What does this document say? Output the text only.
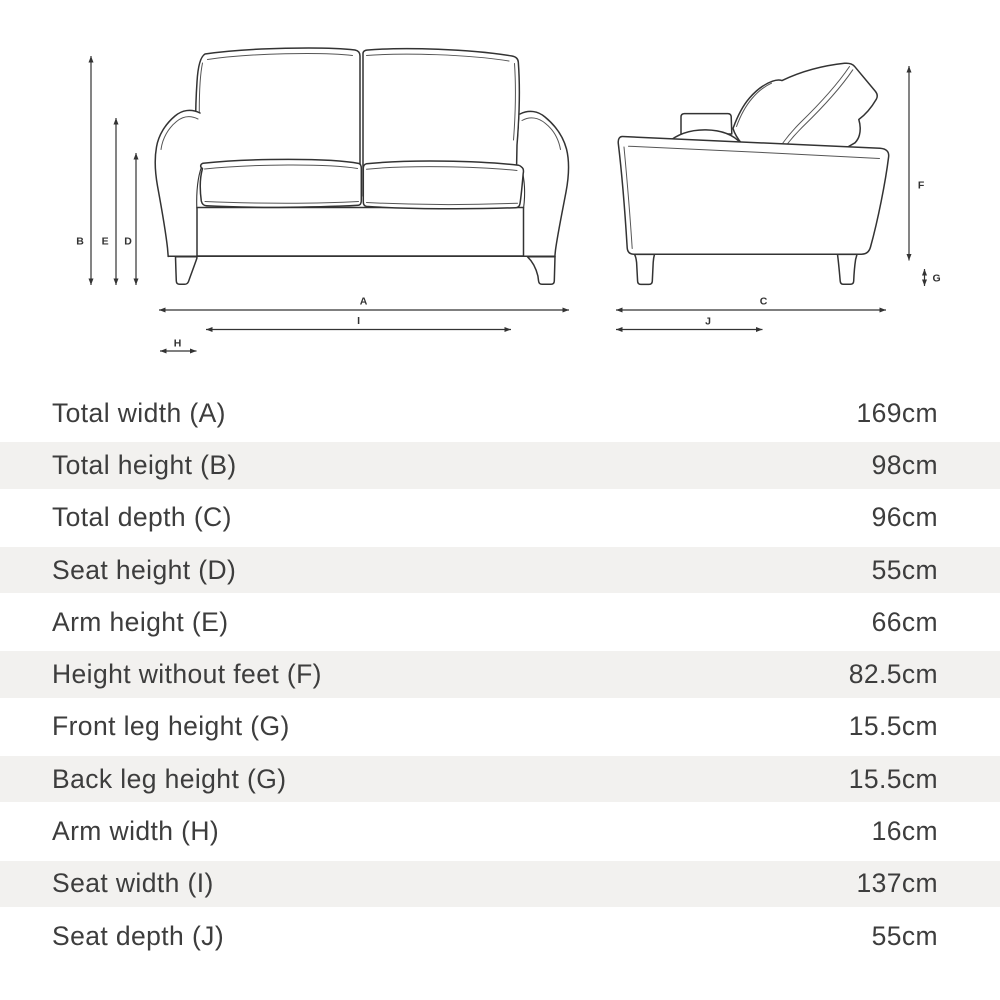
B E D
A
I
H
C
J
F
G
Total width (A)	169cm
Total height (B)	98cm
Total depth (C)	96cm
Seat height (D)	55cm
Arm height (E)	66cm
Height without feet (F)	82.5cm
Front leg height (G)	15.5cm
Back leg height (G)	15.5cm
Arm width (H)	16cm
Seat width (I)	137cm
Seat depth (J)	55cm
